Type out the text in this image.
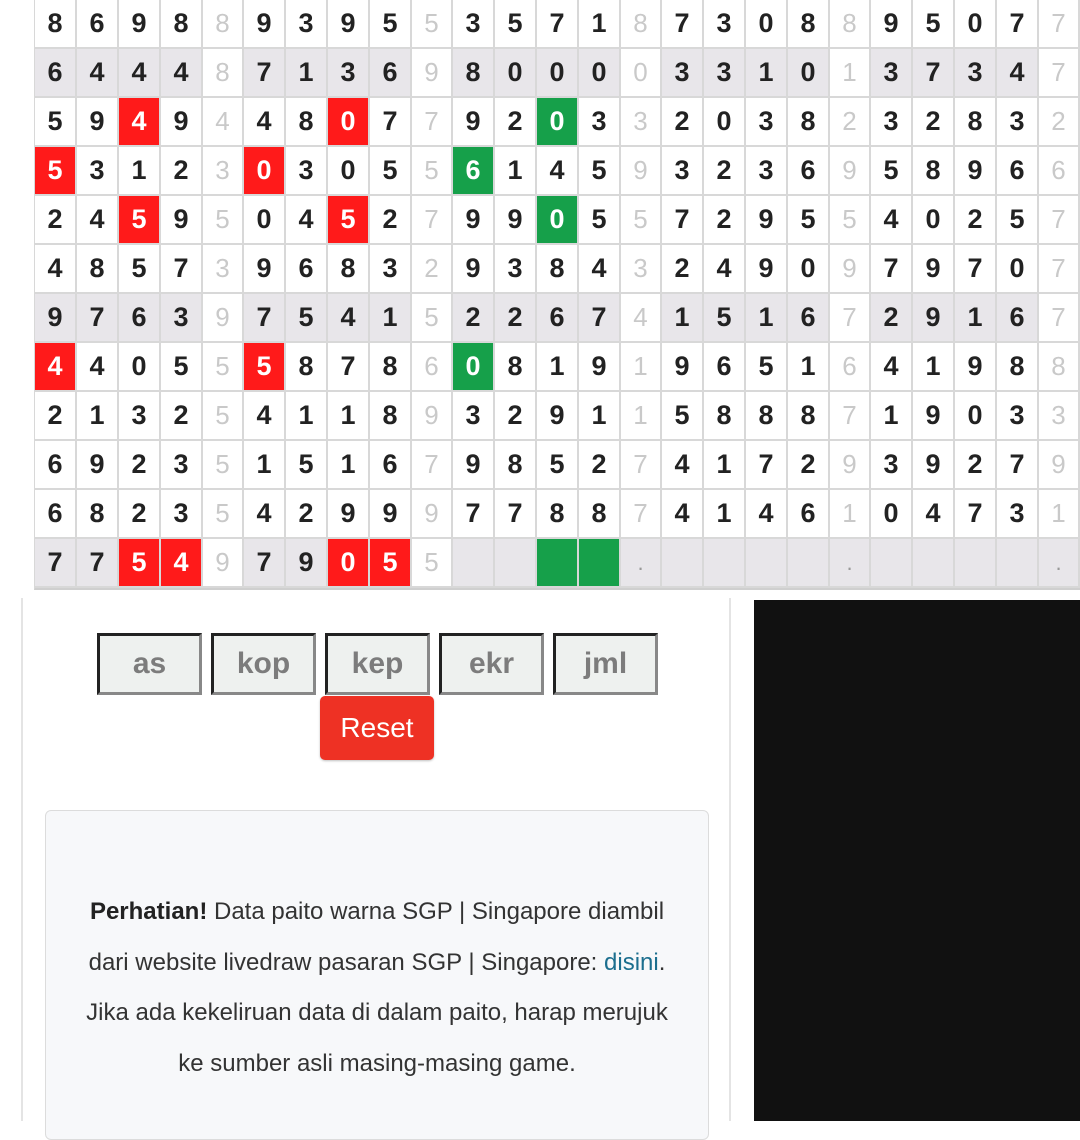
8 6 9 8	8 9 3 9 5	5 3 5 7 1	8 7 3 0 8	8 9 5 0 7	7
6 4 4 4	8 7 1 3 6	9 8 0 0 0	0 3 3 1 0	1 3 7 3 4	7
5 9 4 9	4 4 8 0 7	7 9 2 0 3	3 2 0 3 8	2 3 2 8 3	2
5 3 1 2	3 0 3 0 5	5 6 1 4 5	9 3 2 3 6	9 5 8 9 6	6
2 4 5 9	5 0 4 5 2	7 9 9 0 5	5 7 2 9 5	5 4 0 2 5	7
4 8 5 7	3 9 6 8 3	2 9 3 8 4	3 2 4 9 0	9 7 9 7 0	7
9 7 6 3	9 7 5 4 1	5 2 2 6 7	4 1 5 1 6	7 2 9 1 6	7
4 4 0 5	5 5 8 7 8	6 0 8 1 9	1 9 6 5 1	6 4 1 9 8	8
2 1 3 2	5 4 1 1 8	9 3 2 9 1	1 5 8 8 8	7 1 9 0 3	3
6 9 2 3	5 1 5 1 6	7 9 8 5 2	7 4 1 7 2	9 3 9 2 7	9
6 8 2 3	5 4 2 9 9	9 7 7 8 8	7 4 1 4 6	1 0 4 7 3	1
7 7 5 4	9 7 9 0 5	5	.	.	.
as	kop	kep	ekr	jml
Reset
Perhatian! Data paito warna SGP | Singapore diambil dari website livedraw pasaran SGP | Singapore: disini. Jika ada kekeliruan data di dalam paito, harap merujuk ke sumber asli masing-masing game.
